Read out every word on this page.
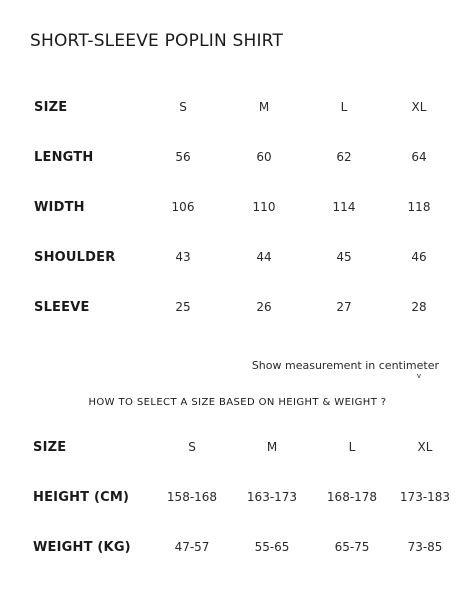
SHORT-SLEEVE POPLIN SHIRT
SIZE	S	M	L	XL
LENGTH	56	60	62	64
WIDTH	106	110	114	118
SHOULDER	43	44	45	46
SLEEVE	25	26	27	28
Show measurement in centimeter
v
HOW TO SELECT A SIZE BASED ON HEIGHT & WEIGHT ?
SIZE	S	M	L	XL
HEIGHT (CM)	158-168	163-173	168-178	173-183
WEIGHT (KG)	47-57	55-65	65-75	73-85
